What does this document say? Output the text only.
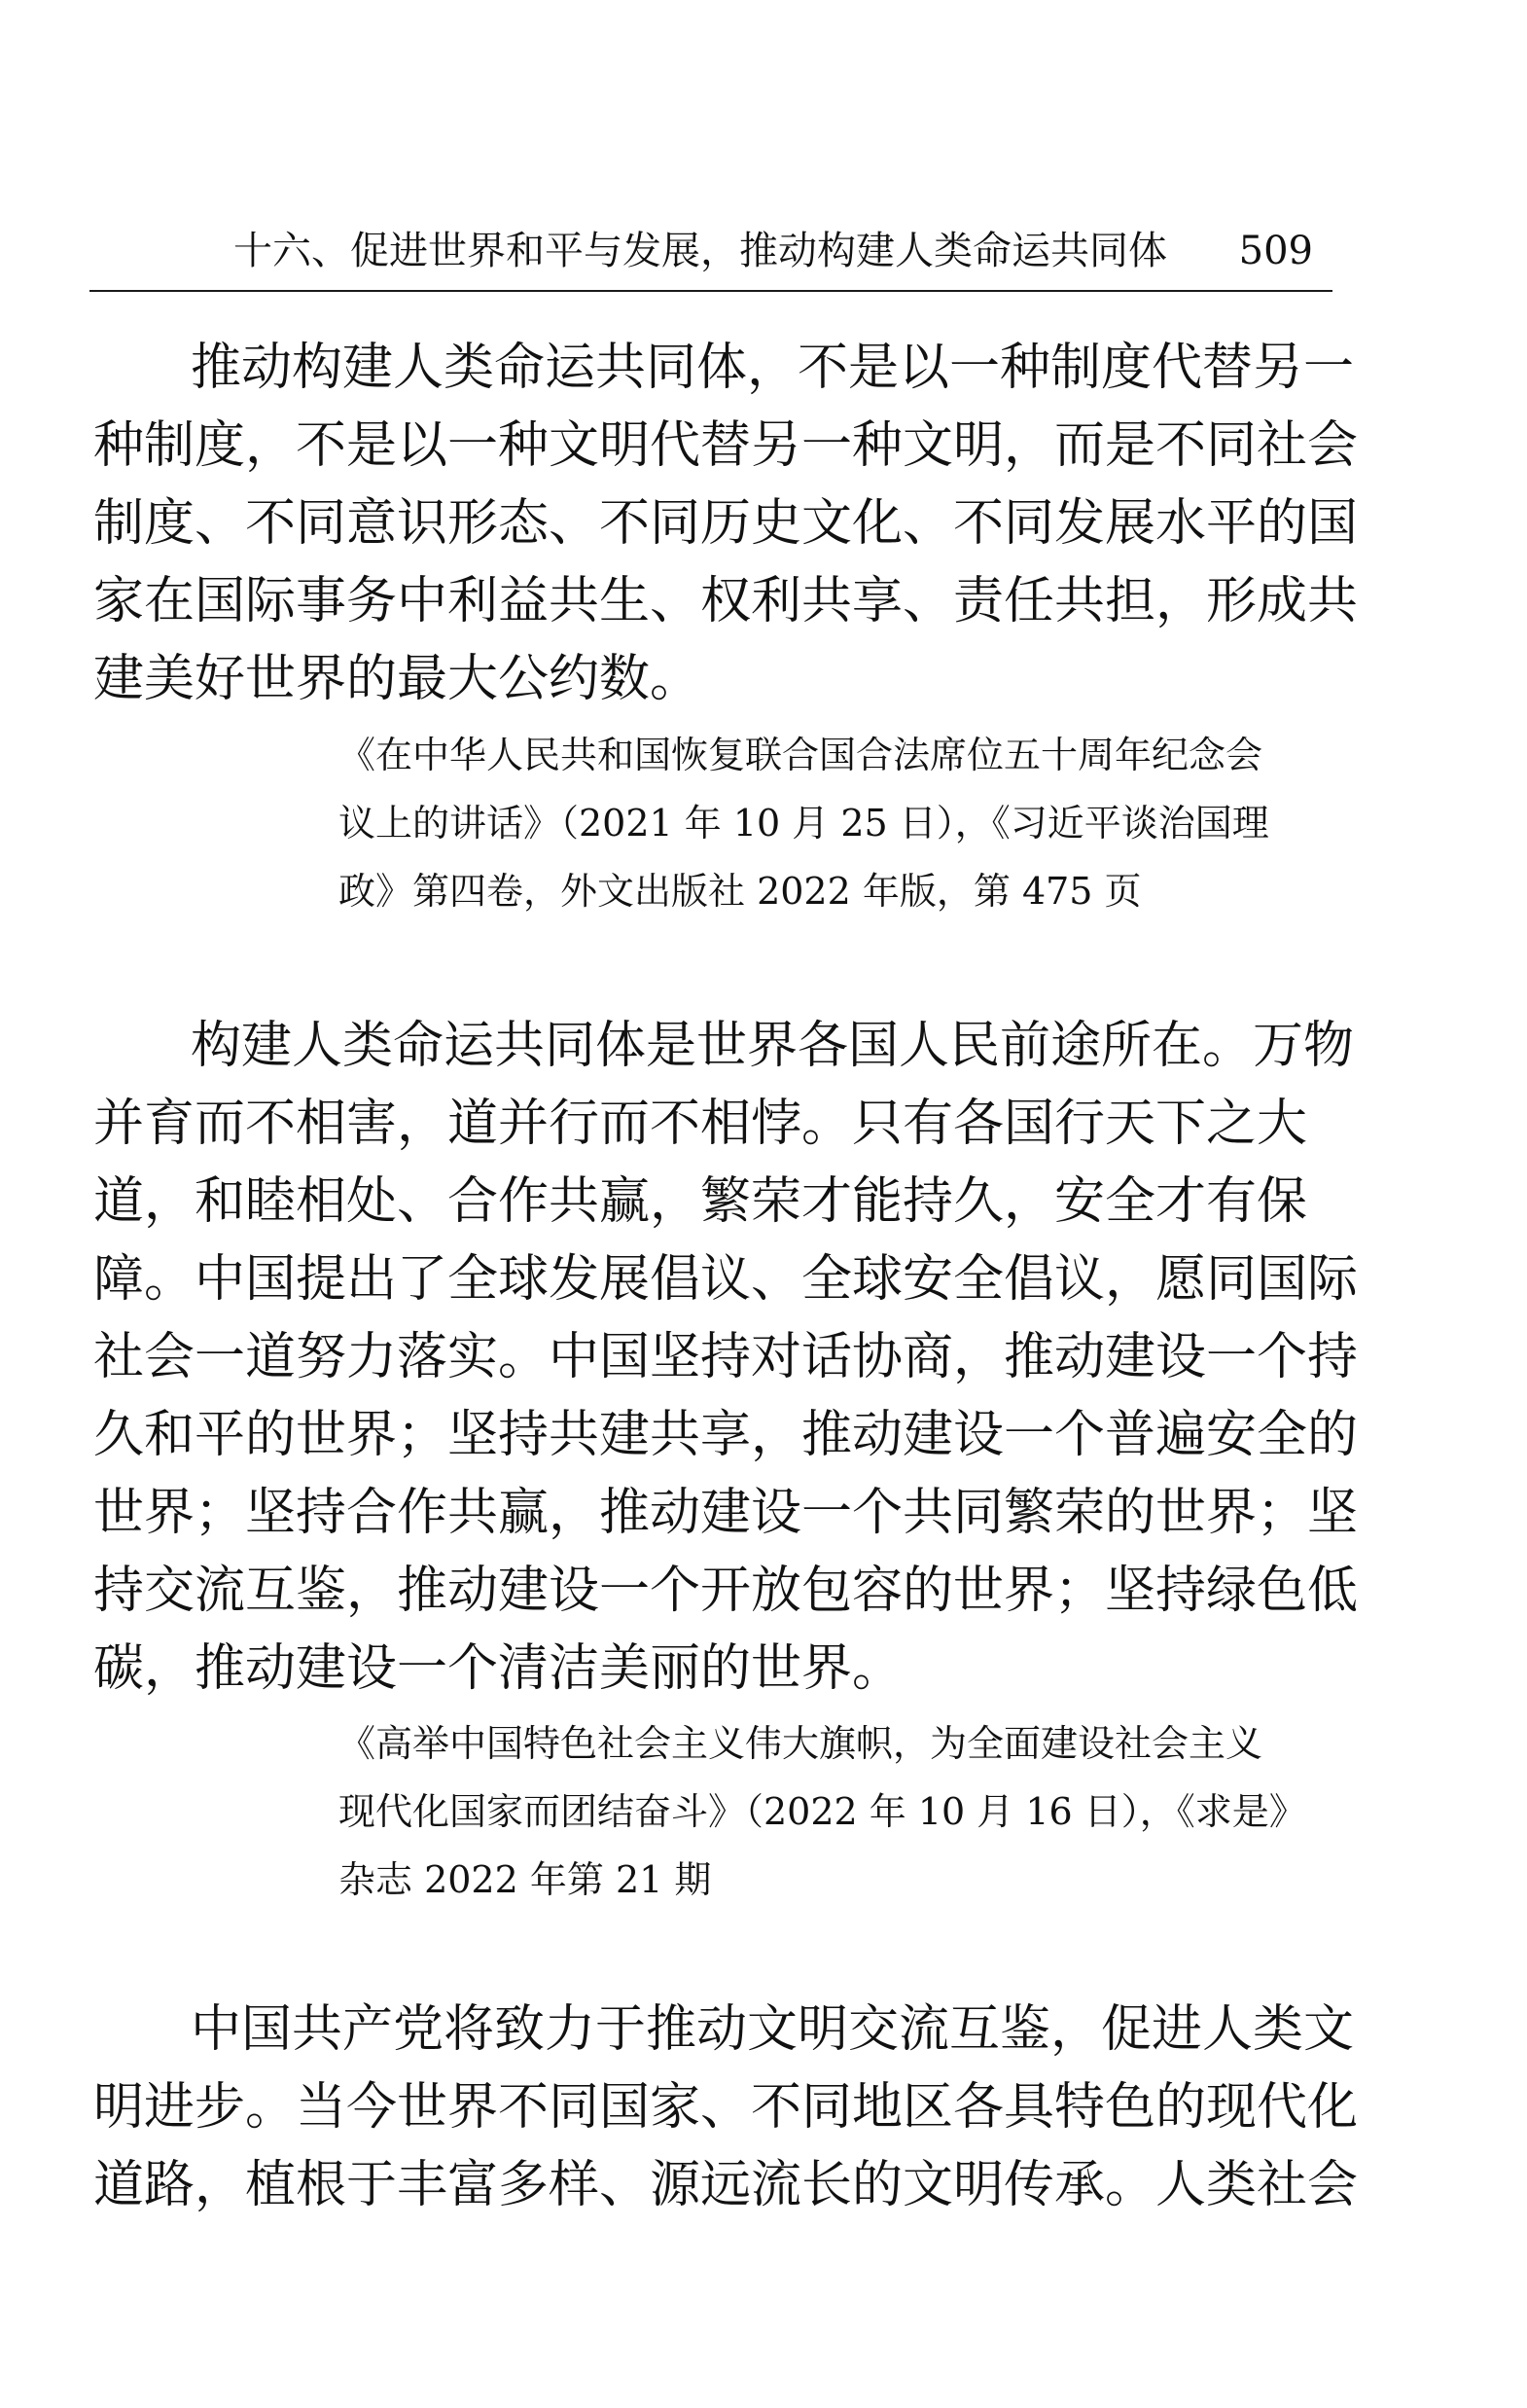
十六、促进世界和平与发展，推动构建人类命运共同体 509
推动构建人类命运共同体，不是以一种制度代替另一
种制度，不是以一种文明代替另一种文明，而是不同社会
制度、不同意识形态、不同历史文化、不同发展水平的国
家在国际事务中利益共生、权利共享、责任共担，形成共
建美好世界的最大公约数。
《在中华人民共和国恢复联合国合法席位五十周年纪念会
议上的讲话》（2021 年 10 月 25 日），《习近平谈治国理
政》第四卷，外文出版社 2022 年版，第 475 页
构建人类命运共同体是世界各国人民前途所在。万物
并育而不相害，道并行而不相悖。只有各国行天下之大
道，和睦相处、合作共赢，繁荣才能持久，安全才有保
障。中国提出了全球发展倡议、全球安全倡议，愿同国际
社会一道努力落实。中国坚持对话协商，推动建设一个持
久和平的世界；坚持共建共享，推动建设一个普遍安全的
世界；坚持合作共赢，推动建设一个共同繁荣的世界；坚
持交流互鉴，推动建设一个开放包容的世界；坚持绿色低
碳，推动建设一个清洁美丽的世界。
《高举中国特色社会主义伟大旗帜，为全面建设社会主义
现代化国家而团结奋斗》（2022 年 10 月 16 日），《求是》
杂志 2022 年第 21 期
中国共产党将致力于推动文明交流互鉴，促进人类文
明进步。当今世界不同国家、不同地区各具特色的现代化
道路，植根于丰富多样、源远流长的文明传承。人类社会
